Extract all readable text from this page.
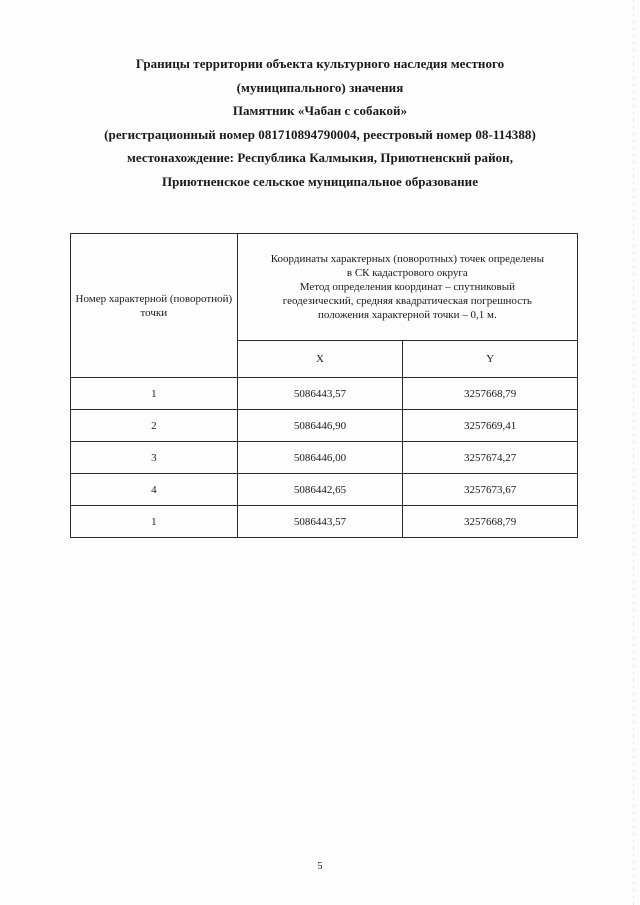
Границы территории объекта культурного наследия местного
(муниципального) значения
Памятник «Чабан с собакой»
(регистрационный номер 081710894790004, реестровый номер 08-114388)
местонахождение: Республика Калмыкия, Приютненский район,
Приютненское сельское муниципальное образование
Номер характерной (поворотной) точки	Координаты характерных (поворотных) точек определены
в СК кадастрового округа
Метод определения координат – спутниковый
геодезический, средняя квадратическая погрешность
положения характерной точки – 0,1 м.	

	X	Y
1	5086443,57	3257668,79
2	5086446,90	3257669,41
3	5086446,00	3257674,27
4	5086442,65	3257673,67
1	5086443,57	3257668,79
5
